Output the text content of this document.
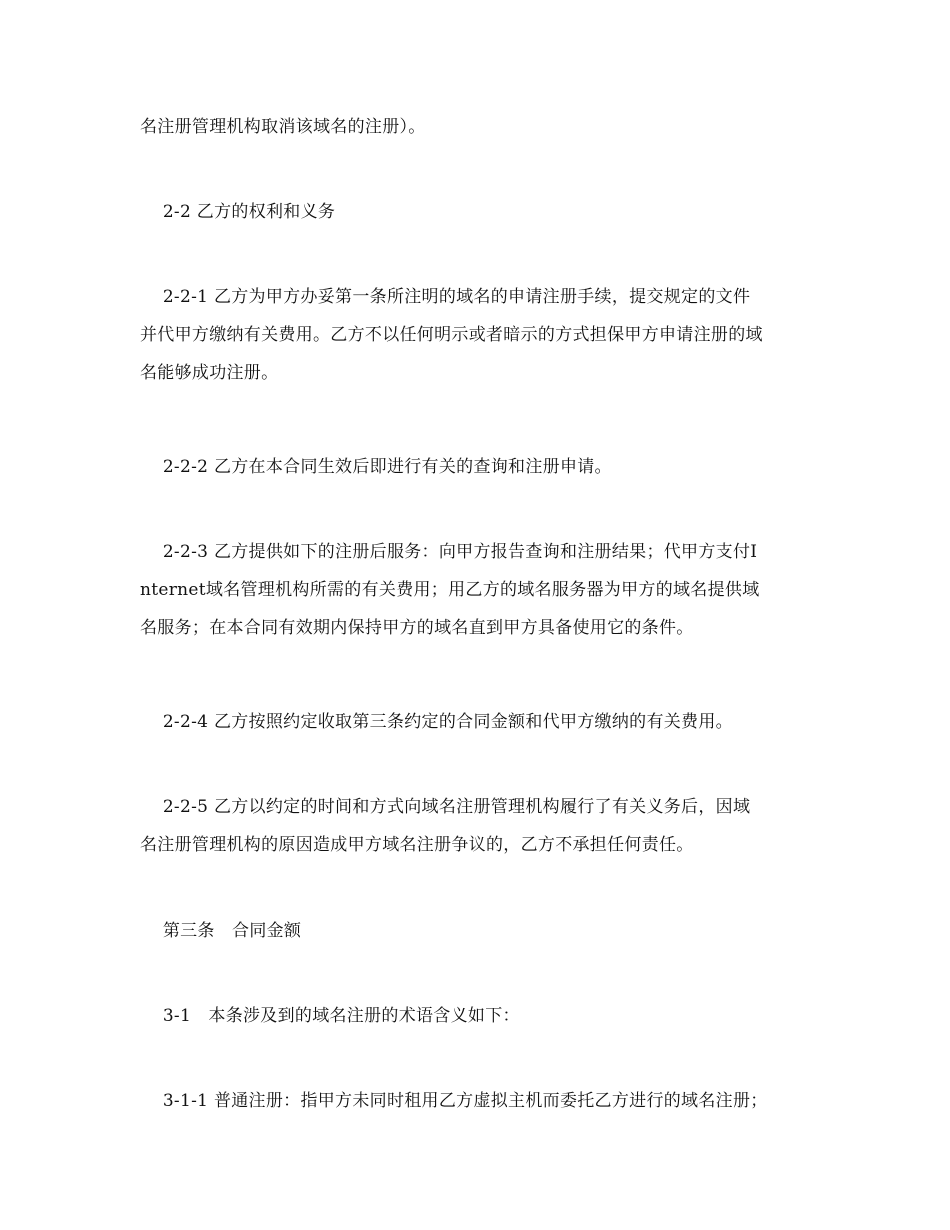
名注册管理机构取消该域名的注册）。

2-2 乙方的权利和义务

2-2-1 乙方为甲方办妥第一条所注明的域名的申请注册手续，提交规定的文件
并代甲方缴纳有关费用。乙方不以任何明示或者暗示的方式担保甲方申请注册的域
名能够成功注册。

2-2-2 乙方在本合同生效后即进行有关的查询和注册申请。

2-2-3 乙方提供如下的注册后服务：向甲方报告查询和注册结果；代甲方支付I
nternet域名管理机构所需的有关费用；用乙方的域名服务器为甲方的域名提供域
名服务；在本合同有效期内保持甲方的域名直到甲方具备使用它的条件。

2-2-4 乙方按照约定收取第三条约定的合同金额和代甲方缴纳的有关费用。

2-2-5 乙方以约定的时间和方式向域名注册管理机构履行了有关义务后，因域
名注册管理机构的原因造成甲方域名注册争议的，乙方不承担任何责任。

第三条　合同金额

3-1　本条涉及到的域名注册的术语含义如下：

3-1-1 普通注册：指甲方未同时租用乙方虚拟主机而委托乙方进行的域名注册；
